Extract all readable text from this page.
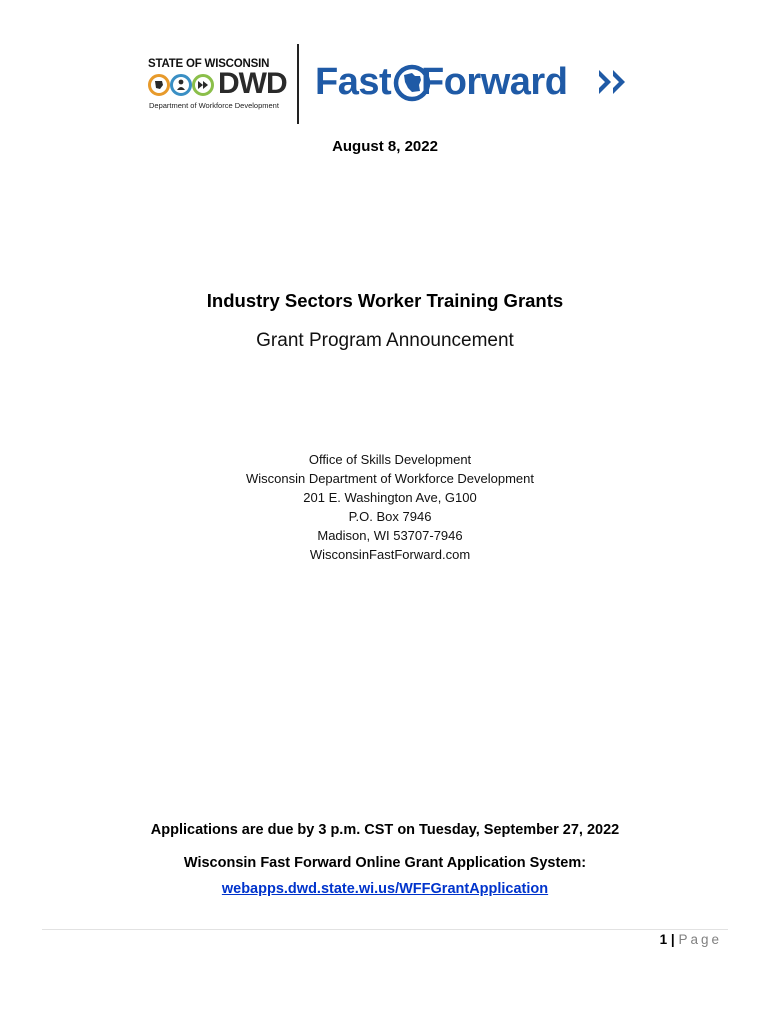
STATE OF WISCONSIN
DWD
Department of Workforce Development
Fast Forward
August 8, 2022
Industry Sectors Worker Training Grants
Grant Program Announcement
Office of Skills Development
Wisconsin Department of Workforce Development
201 E. Washington Ave, G100
P.O. Box 7946
Madison, WI 53707-7946
WisconsinFastForward.com
Applications are due by 3 p.m. CST on Tuesday, September 27, 2022
Wisconsin Fast Forward Online Grant Application System:
webapps.dwd.state.wi.us/WFFGrantApplication
1 | Page
